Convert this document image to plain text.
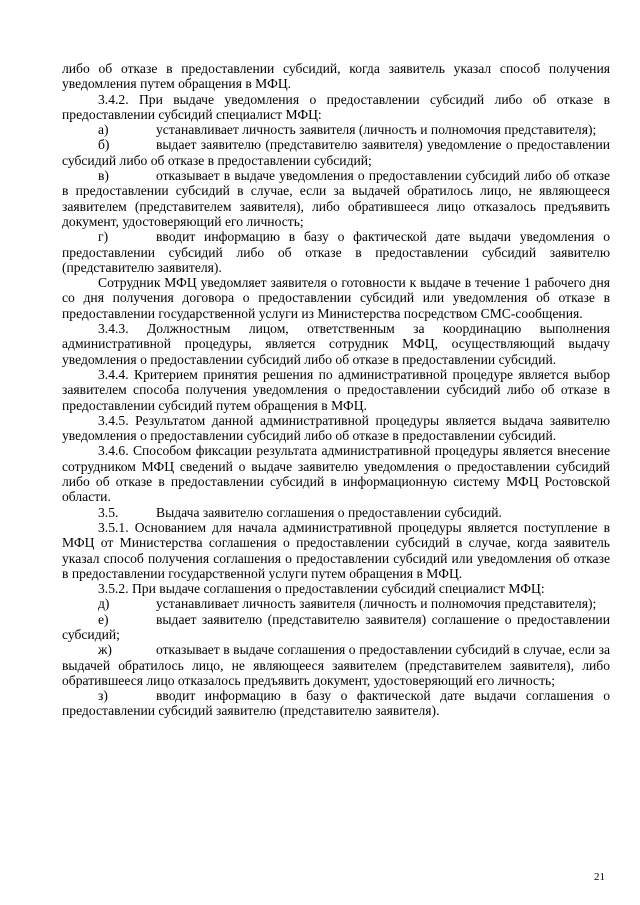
либо об отказе в предоставлении субсидий, когда заявитель указал способ получения уведомления путем обращения в МФЦ.

3.4.2. При выдаче уведомления о предоставлении субсидий либо об отказе в предоставлении субсидий специалист МФЦ:

а)	устанавливает личность заявителя (личность и полномочия представителя);

б)	выдает заявителю (представителю заявителя) уведомление о предоставлении субсидий либо об отказе в предоставлении субсидий;

в)	отказывает в выдаче уведомления о предоставлении субсидий либо об отказе в предоставлении субсидий в случае, если за выдачей обратилось лицо, не являющееся заявителем (представителем заявителя), либо обратившееся лицо отказалось предъявить документ, удостоверяющий его личность;

г)	вводит информацию в базу о фактической дате выдачи уведомления о предоставлении субсидий либо об отказе в предоставлении субсидий заявителю (представителю заявителя).

Сотрудник МФЦ уведомляет заявителя о готовности к выдаче в течение 1 рабочего дня со дня получения договора о предоставлении субсидий или уведомления об отказе в предоставлении государственной услуги из Министерства посредством СМС-сообщения.

3.4.3. Должностным лицом, ответственным за координацию выполнения административной процедуры, является сотрудник МФЦ, осуществляющий выдачу уведомления о предоставлении субсидий либо об отказе в предоставлении субсидий.

3.4.4. Критерием принятия решения по административной процедуре является выбор заявителем способа получения уведомления о предоставлении субсидий либо об отказе в предоставлении субсидий путем обращения в МФЦ.

3.4.5. Результатом данной административной процедуры является выдача заявителю уведомления о предоставлении субсидий либо об отказе в предоставлении субсидий.

3.4.6. Способом фиксации результата административной процедуры является внесение сотрудником МФЦ сведений о выдаче заявителю уведомления о предоставлении субсидий либо об отказе в предоставлении субсидий в информационную систему МФЦ Ростовской области.

3.5.	Выдача заявителю соглашения о предоставлении субсидий.

3.5.1. Основанием для начала административной процедуры является поступление в МФЦ от Министерства соглашения о предоставлении субсидий в случае, когда заявитель указал способ получения соглашения о предоставлении субсидий или уведомления об отказе в предоставлении государственной услуги путем обращения в МФЦ.

3.5.2. При выдаче соглашения о предоставлении субсидий специалист МФЦ:

д)	устанавливает личность заявителя (личность и полномочия представителя);

е)	выдает заявителю (представителю заявителя) соглашение о предоставлении субсидий;

ж)	отказывает в выдаче соглашения о предоставлении субсидий в случае, если за выдачей обратилось лицо, не являющееся заявителем (представителем заявителя), либо обратившееся лицо отказалось предъявить документ, удостоверяющий его личность;

з)	вводит информацию в базу о фактической дате выдачи соглашения о предоставлении субсидий заявителю (представителю заявителя).

21
